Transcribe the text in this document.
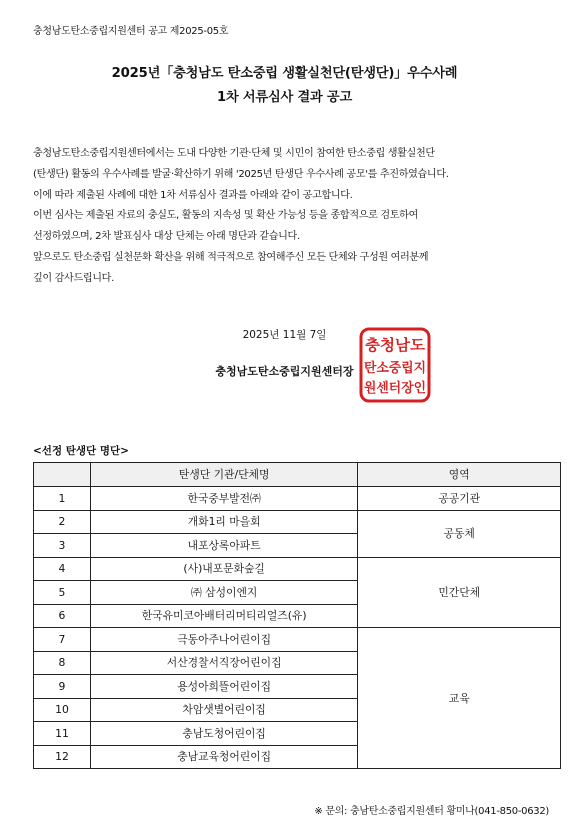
충청남도탄소중립지원센터 공고 제2025-05호
2025년「충청남도 탄소중립 생활실천단(탄생단)」우수사례
1차 서류심사 결과 공고

충청남도탄소중립지원센터에서는 도내 다양한 기관·단체 및 시민이 참여한 탄소중립 생활실천단

(탄생단) 활동의 우수사례를 발굴·확산하기 위해 '2025년 탄생단 우수사례 공모'를 추진하였습니다.

이에 따라 제출된 사례에 대한 1차 서류심사 결과를 아래와 같이 공고합니다.

이번 심사는 제출된 자료의 충실도, 활동의 지속성 및 확산 가능성 등을 종합적으로 검토하여

선정하였으며, 2차 발표심사 대상 단체는 아래 명단과 같습니다.

앞으로도 탄소중립 실천문화 확산을 위해 적극적으로 참여해주신 모든 단체와 구성원 여러분께

깊이 감사드립니다.

2025년 11월 7일
충청남도탄소중립지원센터장
충청남도
탄소중립지
원센터장인
<선정 탄생단 명단>
	탄생단 기관/단체명	영역
1	한국중부발전㈜	공공기관
2	개화1리 마을회	공동체
3	내포상록아파트	
4	(사)내포문화숲길	민간단체
5	㈜ 삼성이엔지	
6	한국유미코아배터리머티리얼즈(유)	
7	극동아주나어린이집	교육
8	서산경찰서직장어린이집	
9	용성아희뜰어린이집	
10	차암샛별어린이집	
11	충남도청어린이집	
12	충남교육청어린이집	
※ 문의: 충남탄소중립지원센터 황미나(041-850-0632)
